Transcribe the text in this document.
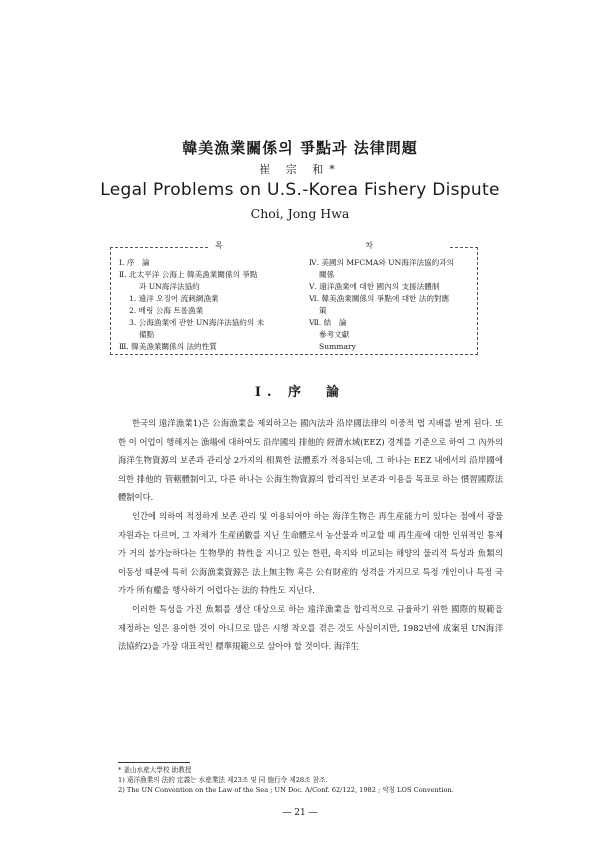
韓美漁業關係의 爭點과 法律問題
崔 宗 和*
Legal Problems on U.S.-Korea Fishery Dispute
Choi, Jong Hwa
목 차

Ⅰ. 序　論

Ⅱ. 北太平洋 公海上 韓美漁業關係의 爭點

과 UN海洋法協約

1. 遠洋 오징어 流刺網漁業

2. 베링 公海 트롤漁業

3. 公海漁業에 관한 UN海洋法協約의 未

備點

Ⅲ. 韓美漁業關係의 法的性質

Ⅳ. 美國의 MFCMA와 UN海洋法協約과의

關係

Ⅴ. 遠洋漁業에 대한 國內의 支援法體制

Ⅵ. 韓美漁業關係의 爭點에 대한 法的對應

策

Ⅶ. 結　論

參考文獻

Summary

Ⅰ. 序　論

한국의 遠洋漁業1)은 公海漁業을 제외하고는 國內法과 沿岸國法律의 이중적 법 지배를 받게 된다. 또한 이 어업이 행해지는 漁場에 대하여도 沿岸國의 排他的 經濟水域(EEZ) 경계를 기준으로 하여 그 內外의 海洋生物資源의 보존과 관리상 2가지의 相異한 法體系가 적용되는데, 그 하나는 EEZ 내에서의 沿岸國에 의한 排他的 管轄體制이고, 다른 하나는 公海生物資源의 합리적인 보존과 이용을 목표로 하는 慣習國際法體制이다.

인간에 의하여 적정하게 보존 관리 및 이용되어야 하는 海洋生物은 再生産能力이 있다는 점에서 광물 자원과는 다르며, 그 자체가 生産函數를 지닌 生命體로서 농산물과 비교할 때 再生産에 대한 인위적인 통제가 거의 불가능하다는 生物學的 特性을 지니고 있는 한편, 육지와 비교되는 해양의 물리적 특성과 魚類의 이동성 때문에 특히 公海漁業資源은 法上無主物 혹은 公有財産的 성격을 가지므로 특정 개인이나 특정 국가가 所有權을 행사하기 어렵다는 法的 特性도 지닌다.

이러한 특성을 가진 魚類를 생산 대상으로 하는 遠洋漁業을 합리적으로 규율하기 위한 國際的規範을 제정하는 일은 용이한 것이 아니므로 많은 시행 착오를 겪은 것도 사실이지만, 1982년에 成案된 UN海洋法協約2)을 가장 대표적인 標準規範으로 삼아야 할 것이다. 海洋生

* 釜山水産大學校 助教授
1) 遠洋漁業의 法的 定義는 水産業法 제23조 및 同 施行令 제28조 참조.
2) The UN Convention on the Law of the Sea ; UN Doc. A/Conf. 62/122, 1982 ; 약칭 LOS Convention.
― 21 ―
